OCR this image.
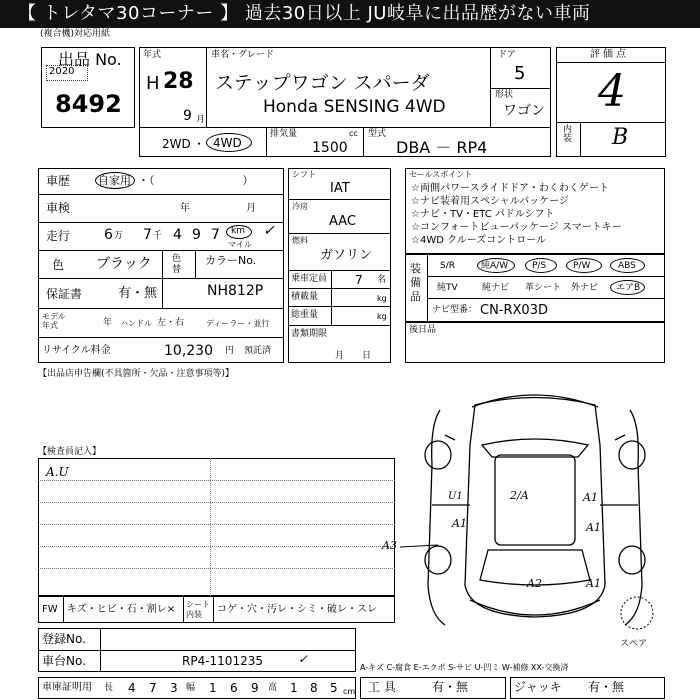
【 トレタマ30コーナー 】 過去30日以上 JU岐阜に出品歴がない車両
(複合機)対応用紙
出品 No.
2020
8492
年式
H 28
9 月
車名・グレード
ステップワゴン スパーダ
Honda SENSING 4WD
ドア
5
形状
ワゴン
評価点
4
内装 B
2WD ・ 4WD
排気量	cc
1500
型式
DBA － RP4
車歴	自家用 ・（　　　　　　　　）
車検	年	月
走行 6 万 7 千 4 9 7 km
マイル
✓
色 ブラック 色替
カラーNo.
NH812P
保証書	有・無
モデル年式	年 ハンドル 左・右	ディーラー・並行
リサイクル料金	10,230 円 預託済
シフト
IAT
冷房
AAC
燃料
ガソリン
乗車定員 7 名
積載量	kg
総重量	kg
書類期限
月日
セールスポイント
☆両側パワースライドドア・わくわくゲート
☆ナビ装着用スペシャルパッケージ
☆ナビ・TV・ETC パドルシフト
☆コンフォートビューパッケージ スマートキー
☆4WD クルーズコントロール
装備品
S/R	純A/W	P/S	P/W	ABS
純TV	純ナビ 革シート 外ナビ エアB
ナビ型番： CN-RX03D
後日品
【出品店申告欄(不具箇所・欠品・注意事項等)】
【検査員記入】
A.U
U1	2/A	A1
A1	A1
A3
A2	A1
スペア
FW キズ・ヒビ・石・割レ× シート内装	コゲ・穴・汚レ・シミ・破レ・スレ
登録No.
車台No.	RP4-1101235	✓
A-キズ C-腐食 E-エクボ S-サビ U-凹ミ W-補修 XX-交換済
車庫証明用 長 4 7 3 幅 1 6 9 高 1 8 5 cm 工 具	有・無	ジャッキ 有・無
